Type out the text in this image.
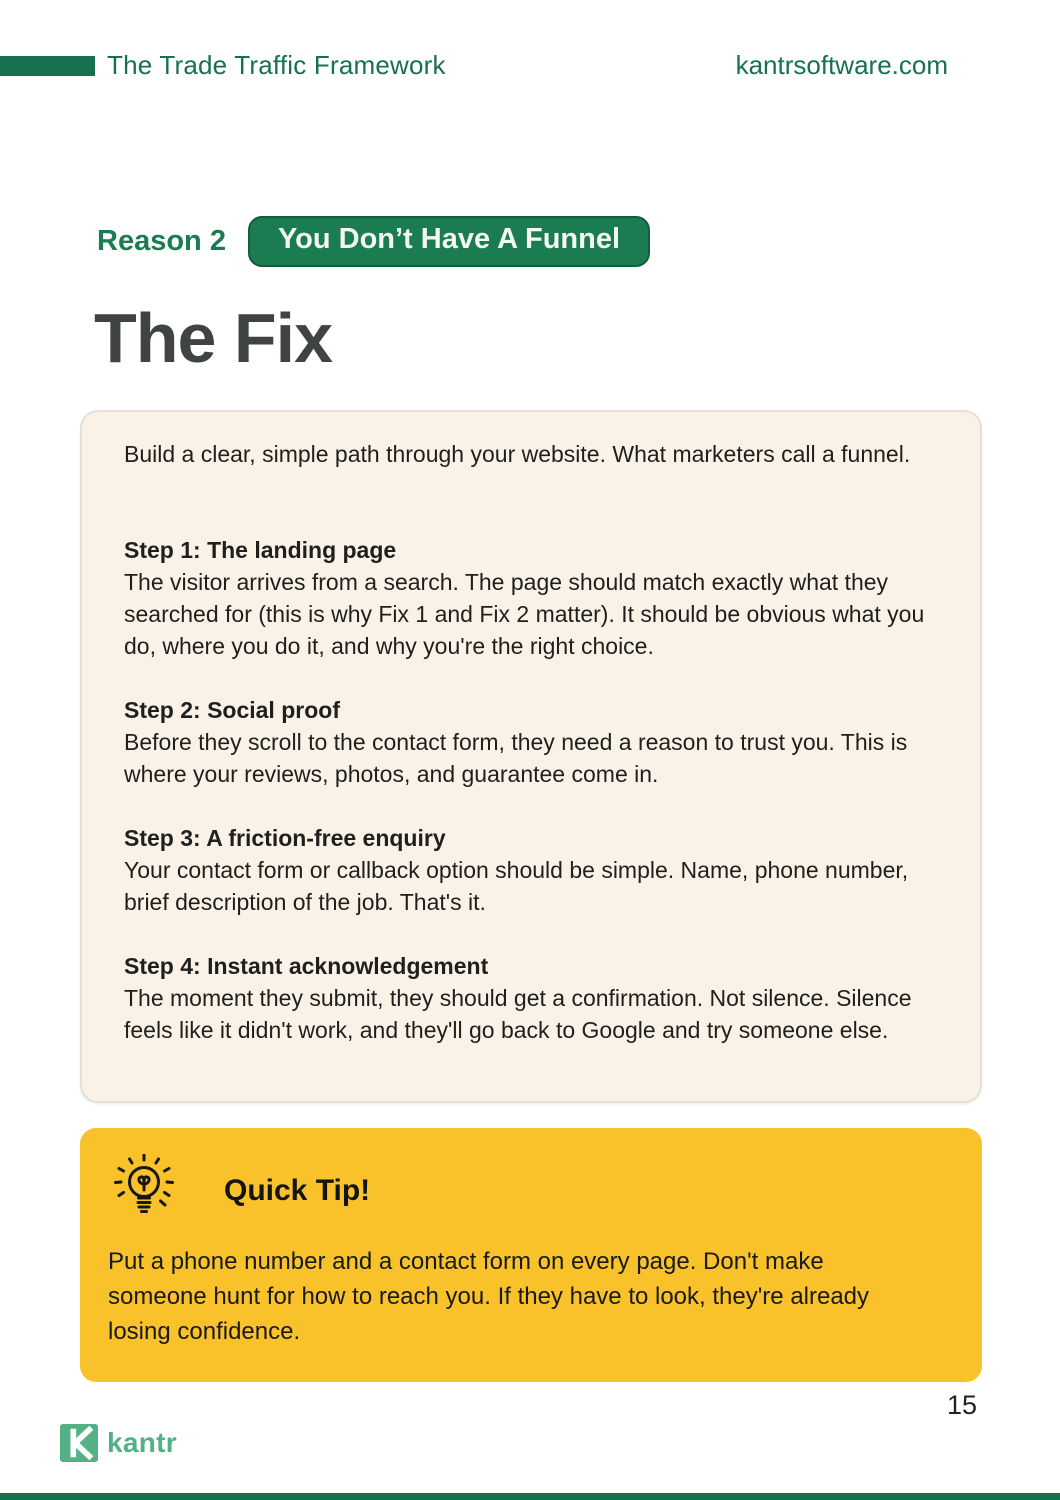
The Trade Traffic Framework	kantrsoftware.com
Reason 2	You Don’t Have A Funnel
The Fix

Build a clear, simple path through your website. What marketers call a funnel.

Step 1: The landing page
The visitor arrives from a search. The page should match exactly what they searched for (this is why Fix 1 and Fix 2 matter). It should be obvious what you do, where you do it, and why you're the right choice.
Step 2: Social proof
Before they scroll to the contact form, they need a reason to trust you. This is where your reviews, photos, and guarantee come in.
Step 3: A friction-free enquiry
Your contact form or callback option should be simple. Name, phone number, brief description of the job. That's it.
Step 4: Instant acknowledgement
The moment they submit, they should get a confirmation. Not silence. Silence feels like it didn't work, and they'll go back to Google and try someone else.
Quick Tip!

Put a phone number and a contact form on every page. Don't make someone hunt for how to reach you. If they have to look, they're already losing confidence.

15
kantr
